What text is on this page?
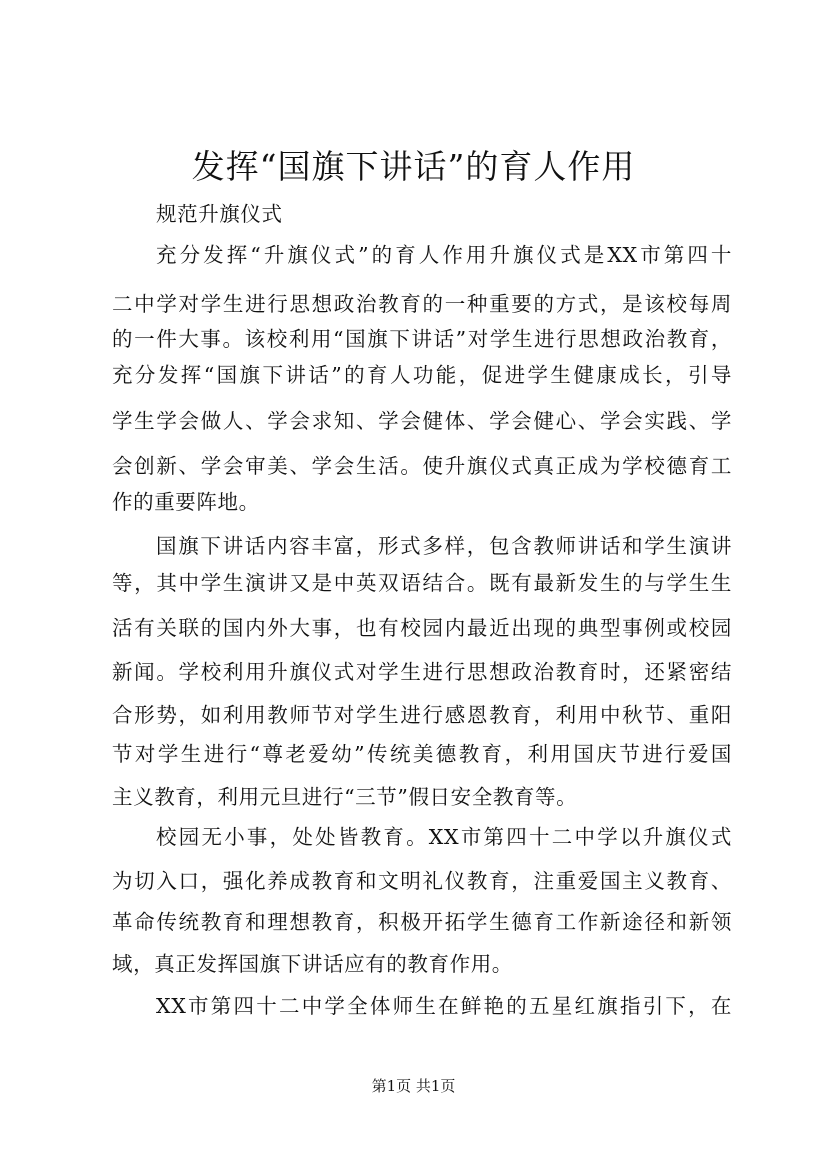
发挥“国旗下讲话”的育人作用
规范升旗仪式
充分发挥“升旗仪式”的育人作用升旗仪式是XX市第四十
二中学对学生进行思想政治教育的一种重要的方式，是该校每周
的一件大事。该校利用“国旗下讲话”对学生进行思想政治教育，
充分发挥“国旗下讲话”的育人功能，促进学生健康成长，引导
学生学会做人、学会求知、学会健体、学会健心、学会实践、学
会创新、学会审美、学会生活。使升旗仪式真正成为学校德育工
作的重要阵地。
国旗下讲话内容丰富，形式多样，包含教师讲话和学生演讲
等，其中学生演讲又是中英双语结合。既有最新发生的与学生生
活有关联的国内外大事，也有校园内最近出现的典型事例或校园
新闻。学校利用升旗仪式对学生进行思想政治教育时，还紧密结
合形势，如利用教师节对学生进行感恩教育，利用中秋节、重阳
节对学生进行“尊老爱幼”传统美德教育，利用国庆节进行爱国
主义教育，利用元旦进行“三节”假日安全教育等。
校园无小事，处处皆教育。XX市第四十二中学以升旗仪式
为切入口，强化养成教育和文明礼仪教育，注重爱国主义教育、
革命传统教育和理想教育，积极开拓学生德育工作新途径和新领
域，真正发挥国旗下讲话应有的教育作用。
XX市第四十二中学全体师生在鲜艳的五星红旗指引下，在
第1页 共1页
